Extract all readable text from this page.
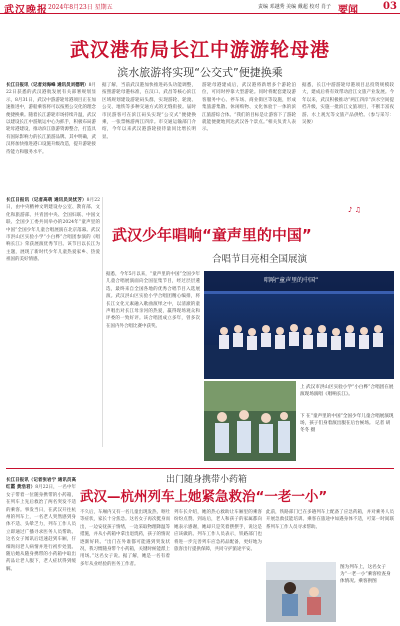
武汉晚报 2024年8月23日 星期五	责编 邓越秀 美编 戴超 校对 肖子 要闻	03
武汉港布局长江中游游轮母港
滨水旅游将实现“公交式”便捷换乘
长江日报讯（记者刘海峰 通讯员刘德明）8月22日获悉的武汉港航发展有关部署规划显示，8月31日，武汉中游游轮母港项目正在加速推进中，游船乘客将可以按照公交化的理念便捷换乘。随着长江游轮市场持续升温，武汉以建设长江中游航运中心为抓手，积极布局游轮母港建设，推动滨江旅游资源整合，打造具有国际影响力的长江旅游品牌。其中明确，武汉将加快推进港口设施升级改造，提升游轮接待能力和服务水平。
据了解，当前武汉港加快推进码头功能调整，按照游轮母港标准，在汉口、武昌等核心滨江区域规划建设游轮码头群，实现游轮、轮渡、公交、地铁等多种交通方式的无缝衔接。届时市民游客可在滨江码头实现“公交式”便捷换乘，一张票畅游两江四岸。市交通运输部门介绍，今年以来武汉港游轮接待量同比增长明显。
游轮母港建成后，武汉港将新增多个游轮泊位，可同时停靠大型游轮。同时将配套建设游客服务中心、停车场、商业街区等设施，形成集旅游集散、休闲购物、文化体验于一体的滨江旅游综合体。“我们的目标是让游客下了游轮就能便捷地到达武汉各个景点。”相关负责人表示。
据悉，长江中游游轮母港项目总投资规模较大，建成后将有效带动沿江文旅产业发展。今年以来，武汉积极推动“两江四岸”滨水空间提档升级，实施一批滨江文旅项目，不断丰富夜游、水上观光等文旅产品供给。（参与采写：吴俊）
长江日报讯（记者高萌 通讯员吴忧芳）8月22日，由中央精神文明建设办公室、教育部、文化和旅游部、共青团中央、全国妇联、中国文联、全国少工委共同举办的2024年“童声里的中国”全国少年儿童合唱展演在北京落幕。武汉市洪山区实验小学“小白桦”合唱团参演的《唱响长江》荣获展演优秀节目。该节目以长江为主题，展现了新时代少年儿童热爱家乡、热爱祖国的美好情感。
♪ ♫
武汉少年唱响“童声里的中国”
合唱节目亮相全国展演
据悉，今年5月以来，“童声里的中国”全国少年儿童合唱展演面向全国征集节目，经过层层遴选，最终来自全国各地的优秀合唱节目入选展演。武汉洪山区实验小学合唱团精心编排，将长江文化元素融入歌曲演绎之中，以清澈的童声唱出对长江母亲河的热爱，赢得现场观众和评委的一致好评。该合唱团成立多年，曾多次在国内外合唱比赛中获奖。
唱响“童声里的中国”
上 武汉市洪山区实验小学“小白桦”合唱团在展演现场演唱《唱响长江》。
下 在“童声里的中国”全国少年儿童合唱展演现场，孩子们身着演出服在后台候场。 记者 胡冬冬 摄
出门随身携带小药箱
武汉—杭州列车上她紧急救治“一老一小”
长江日报讯（记者张岩宁 通讯员高红霞 黄浩君）8月22日，一名中年女子带着一位随身携带的小药箱，在列车上先后救治了两名突发不适的乘客。事发当日，在武汉开往杭州的列车上，一名老人突然感到身体不适、头晕乏力，列车工作人员立即通过广播寻求医务人员帮助。这名女子闻讯后迅速赶到车厢，仔细询问老人病情并进行初步处置。随后她从随身携带的小药箱中取出药品让老人服下，老人症状得到缓解。
不久后，车厢内又有一名儿童出现发热、呕吐等症状，家长十分焦急。这名女子再次挺身而出，一边安抚孩子情绪，一边采取物理降温等措施，并从小药箱中拿出退烧药，孩子的情况逐渐好转。“出门在外谁都可能遇到突发状况，我习惯随身带个小药箱，关键时候能派上用场。”这名女子说。据了解，她是一名有着多年从业经验的医务工作者。
列车长介绍，她的热心救助让车厢里的乘客纷纷点赞。到站后，老人和孩子的家属都向她表示感谢，她却只是笑着摆摆手，说这是应该做的。列车工作人员表示，铁路部门也将进一步完善列车应急药品配备，更好地为旅客出行提供保障，共同守护旅途平安。
此前，铁路部门已在多趟列车上配备了应急药箱，并对乘务人员开展急救技能培训。乘客在旅途中如遇身体不适，可第一时间联系列车工作人员寻求帮助。
图为列车上，这名女子为“一老一小”乘客检查身体情况。乘客供图
